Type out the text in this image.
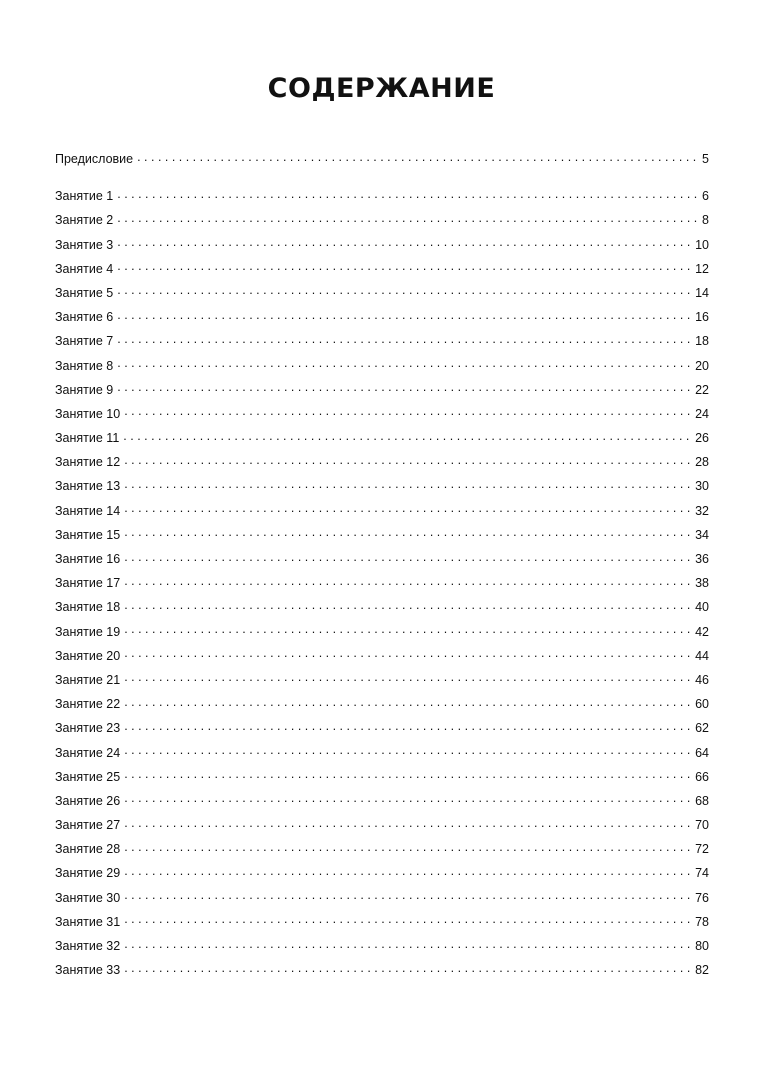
СОДЕРЖАНИЕ
Предисловие . . .	5
Занятие 1 . . .	6
Занятие 2 . . .	8
Занятие 3 . . .	10
Занятие 4 . . .	12
Занятие 5 . . .	14
Занятие 6 . . .	16
Занятие 7 . . .	18
Занятие 8 . . .	20
Занятие 9 . . .	22
Занятие 10 . . .	24
Занятие 11 . . .	26
Занятие 12 . . .	28
Занятие 13 . . .	30
Занятие 14 . . .	32
Занятие 15 . . .	34
Занятие 16 . . .	36
Занятие 17 . . .	38
Занятие 18 . . .	40
Занятие 19 . . .	42
Занятие 20 . . .	44
Занятие 21 . . .	46
Занятие 22 . . .	60
Занятие 23 . . .	62
Занятие 24 . . .	64
Занятие 25 . . .	66
Занятие 26 . . .	68
Занятие 27 . . .	70
Занятие 28 . . .	72
Занятие 29 . . .	74
Занятие 30 . . .	76
Занятие 31 . . .	78
Занятие 32 . . .	80
Занятие 33 . . .	82
